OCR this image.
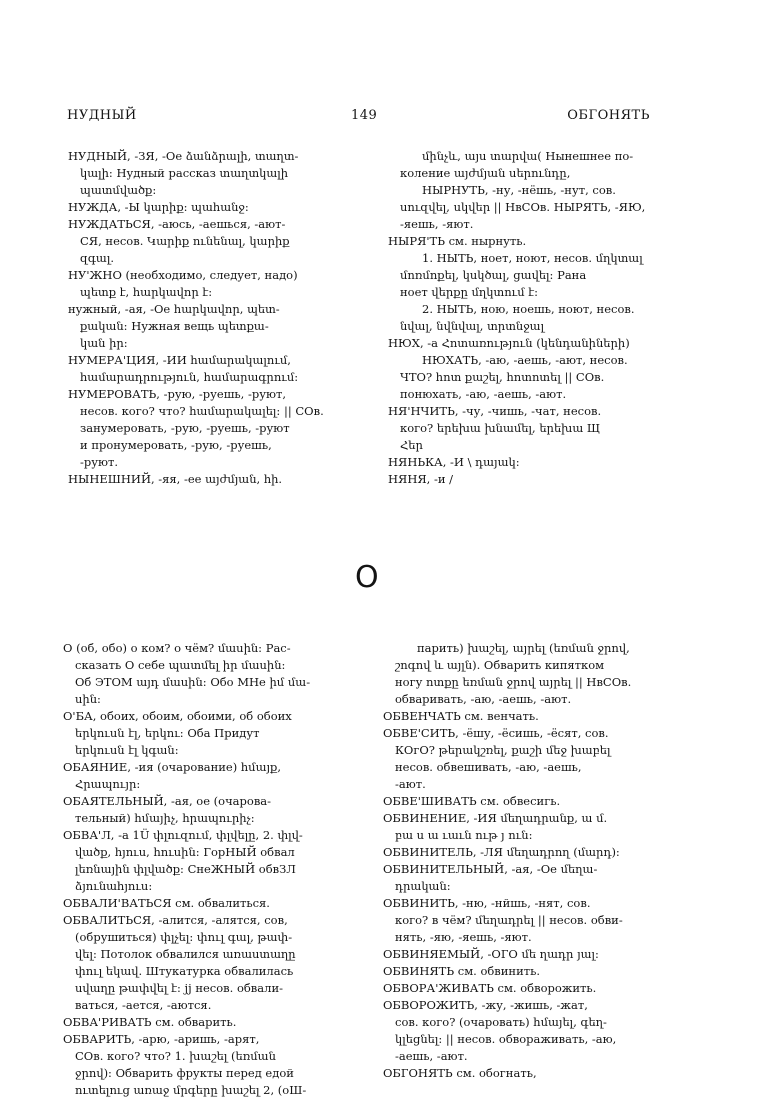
НУДНЫЙ	149	ОБГОНЯТЬ

НУДНЫЙ, -ЗЯ, -Ое ձանձրալի, տաղտ-

կալի: Нудный рассказ տաղտկալի

պատմվածք:

НУЖДА, -Ы կարիք: պահանջ:

НУЖДАТЬСЯ, -аюсь, -аешься, -ают-

СЯ, несов. Կարիք ունենալ, կարիք

զգալ.

НУ'ЖНО (необходимо, следует, надо)

պետք է, հարկավոր է:

нужный, -ая, -Ое հարկավոր, պետ-

քական: Нужная вещь պետքա-

կան իր:

НУМЕРА'ЦИЯ, -ИИ համարակալում,

համարադրություն, համարագրում:

НУМЕРОВАТЬ, -рую, -руешь, -руют,

несов. кого? что? համարակալել: || СОв.

занумеровать, -рую, -руешь, -руют

и пронумеровать, -рую, -руешь,

-руют.

НЫНЕШНИЙ, -яя, -ее այժմյան, հի.

մինչև, այս տարվա( Нынешнее по-

коление այժմյան սերունդը,

НЫРНУТЬ, -ну, -нёшь, -нут, сов.

սուզվել, սկվեր || НвСОв. НЫРЯТЬ, -ЯЮ,

-яешь, -яют.

НЫРЯ'ТЬ см. нырнуть.

1. НЫТЬ, ноет, ноют, несов. մղկտալ

մոռմոքել, կսկծալ, ցավել: Рана

ноет վերքը մղկտում է:

2. НЫТЬ, ною, ноешь, ноют, несов.

նվալ, նվնվալ, տրտնջալ

НЮХ, -а Հոտառություն (կենդանիների)

НЮХАТЬ, -аю, -аешь, -ают, несов.

ЧТО? հոտ քաշել, հոտոտել || СОв.

понюхать, -аю, -аешь, -ают.

НЯ'НЧИТЬ, -чу, -чишь, -чат, несов.

кого? երեխա խնամել, երեխա Щ

Հեր

НЯНЬКА, -И \ դայակ:

НЯНЯ, -и /

О

О (об, обо) о ком? о чём? մասին: Рас-

сказать О себе պատմել իր մասին:

Об ЭТОМ այդ մասին: Обо МНе իմ մա-

սին:

О'БА, обоих, обоим, обоими, об обоих

երկուսն էլ, երկու: Оба Придут

երկուսն էլ կգան:

ОБАЯНИЕ, -ия (очарование) հմայք,

Հրապույր:

ОБАЯТЕЛЬНЫЙ, -ая, ое (очарова-

тельный) հմայիչ, հրապուրիչ:

ОБВА'Л, -а 1Ü փլուզում, փլվելը, 2. փլվ-

վածք, հյուս, հուսին: ГорНЫЙ обвал

լեռնային փլվածք: СнеЖНЫЙ обвЗЛ

ձյունահյուս:

ОБВАЛИ'ВАТЬСЯ см. обвалиться.

ОБВАЛИТЬСЯ, -алится, -алятся, сов,

(обрушиться) փլչել: փուլ գալ, թափ-

վել: Потолок обвалился առաստաղը

փուլ եկավ. Штукатурка обвалилась

սվաղը թափվել է: jj несов. обвали-

ваться, -ается, -аются.

ОБВА'РИВАТЬ см. обварить.

ОБВАРИТЬ, -арю, -аришь, -арят,

СОв. кого? что? 1. խաշել (եռման

ջրով): Обварить фрукты перед едой

ուտելուց առաջ մրգերը խաշել 2, (оШ-

парить) խաշել, այրել (եռման ջրով,

շոգով և այլն). Обварить кипятком

ногу ոտքը եռման ջրով այրել || НвСОв.

обваривать, -аю, -аешь, -ают.

ОБВЕНЧАТЬ см. венчать.

ОБВЕ'СИТЬ, -ёшу, -ёсишь, -ёсят, сов.

КОгО? թերակշռել, քաշի մեջ խաբել

несов. обвешивать, -аю, -аешь,

-ают.

ОБВЕ'ШИВАТЬ см. обвесигь.

ОБВИНЕНИЕ, -ИЯ մեղադրանք, ա մ.

բա ս ա ւաւն ութ յ ուն:

ОБВИНИТЕЛЬ, -ЛЯ մեղադրող (մարդ):

ОБВИНИТЕЛЬНЫЙ, -ая, -Ое մեղա-

դրական:

ОБВИНИТЬ, -ню, -нйшь, -нят, сов.

кого? в чём? մեղադրել || несов. обви-

нять, -яю, -яешь, -яют.

ОБВИНЯЕМЫЙ, -ОГО մե ղադր յալ:

ОБВИНЯТЬ см. обвинить.

ОБВОРА'ЖИВАТЬ см. обворожить.

ОБВОРОЖИТЬ, -жу, -жишь, -жат,

сов. кого? (очаровать) հմայել, գեղ-

կլեցնել: || несов. обвораживать, -аю,

-аешь, -ают.

ОБГОНЯТЬ см. обогнать,
